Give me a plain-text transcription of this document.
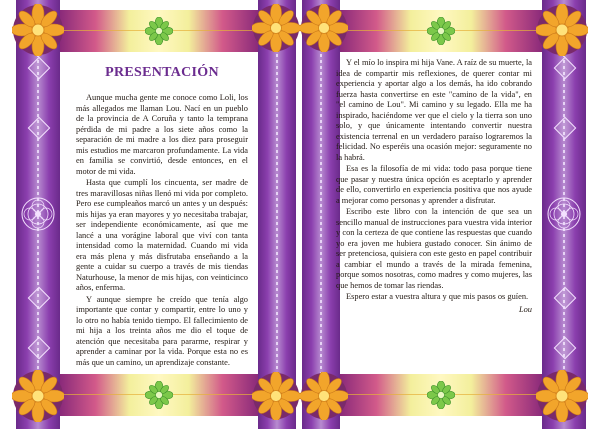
PRESENTACIÓN

Aunque mucha gente me conoce como Loli, los más allegados me llaman Lou. Nací en un pueblo de la provincia de A Coruña y tanto la temprana pérdida de mi padre a los siete años como la separación de mi madre a los diez para proseguir mis estudios me marcaron profundamente. La vida en familia se convirtió, desde entonces, en el motor de mi vida.

Hasta que cumplí los cincuenta, ser madre de tres maravillosas niñas llenó mi vida por completo. Pero ese cumpleaños marcó un antes y un después: mis hijas ya eran mayores y yo necesitaba trabajar, ser independiente económicamente, así que me lancé a una vorágine laboral que viví con tanta intensidad como la maternidad. Cuando mi vida era más plena y más disfrutaba enseñando a la gente a cuidar su cuerpo a través de mis tiendas Naturhouse, la menor de mis hijas, con veinticinco años, enferma.

Y aunque siempre he creído que tenía algo importante que contar y compartir, entre lo uno y lo otro no había tenido tiempo. El fallecimiento de mi hija a los treinta años me dio el toque de atención que necesitaba para pararme, respirar y aprender a caminar por la vida. Porque esta no es más que un camino, un aprendizaje constante.

Y el mío lo inspira mi hija Vane. A raíz de su muerte, la idea de compartir mis reflexiones, de querer contar mi experiencia y aportar algo a los demás, ha ido cobrando fuerza hasta convertirse en este "camino de la vida", en "el camino de Lou". Mi camino y su legado. Ella me ha inspirado, haciéndome ver que el cielo y la tierra son uno solo, y que únicamente intentando convertir nuestra existencia terrenal en un verdadero paraíso lograremos la felicidad. No esperéis una ocasión mejor: seguramente no la habrá.

Esa es la filosofía de mi vida: todo pasa porque tiene que pasar y nuestra única opción es aceptarlo y aprender de ello, convertirlo en experiencia positiva que nos ayude a mejorar como personas y aprender a disfrutar.

Escribo este libro con la intención de que sea un sencillo manual de instrucciones para vuestra vida interior y con la certeza de que contiene las respuestas que cuando yo era joven me hubiera gustado conocer. Sin ánimo de ser pretenciosa, quisiera con este gesto en papel contribuir a cambiar el mundo a través de la mirada femenina, porque somos nosotras, como madres y como mujeres, las que hemos de tomar las riendas.

Espero estar a vuestra altura y que mis pasos os guíen.

Lou
